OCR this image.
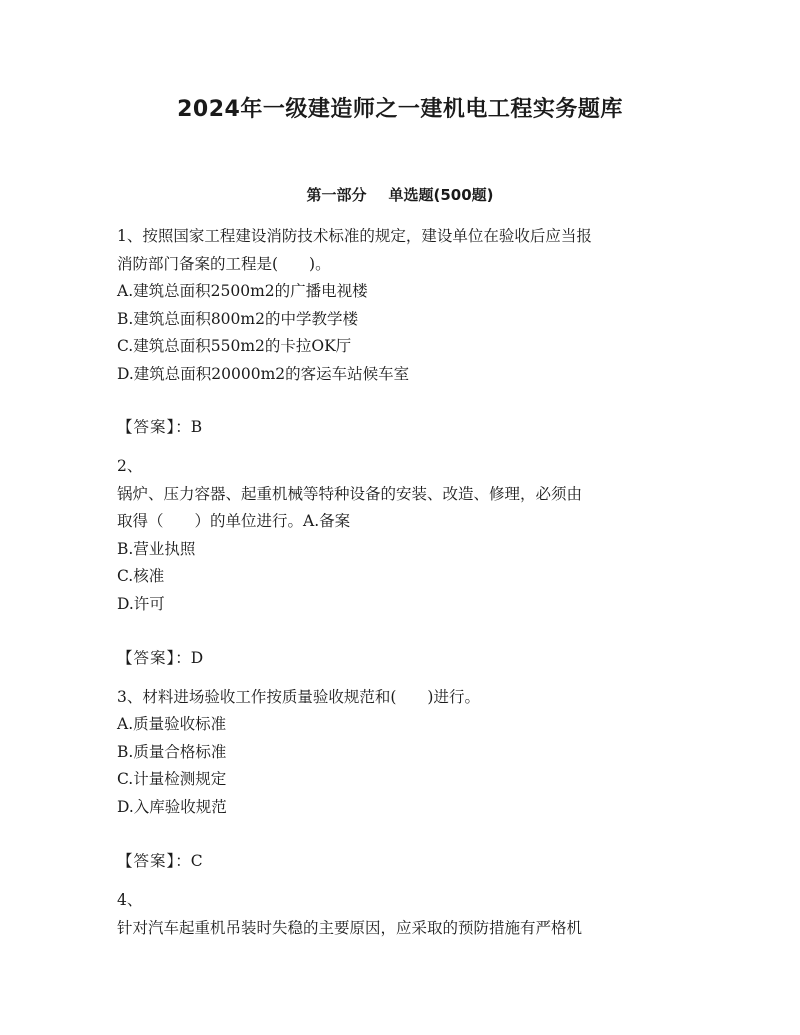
2024年一级建造师之一建机电工程实务题库
第一部分 单选题(500题)
1、按照国家工程建设消防技术标准的规定，建设单位在验收后应当报
消防部门备案的工程是(　　)。
A.建筑总面积2500m2的广播电视楼
B.建筑总面积800m2的中学教学楼
C.建筑总面积550m2的卡拉OK厅
D.建筑总面积20000m2的客运车站候车室
【答案】：B
2、
锅炉、压力容器、起重机械等特种设备的安装、改造、修理，必须由
取得（　　）的单位进行。A.备案
B.营业执照
C.核准
D.许可
【答案】：D
3、材料进场验收工作按质量验收规范和(　　)进行。
A.质量验收标准
B.质量合格标准
C.计量检测规定
D.入库验收规范
【答案】：C
4、
针对汽车起重机吊装时失稳的主要原因，应采取的预防措施有严格机
